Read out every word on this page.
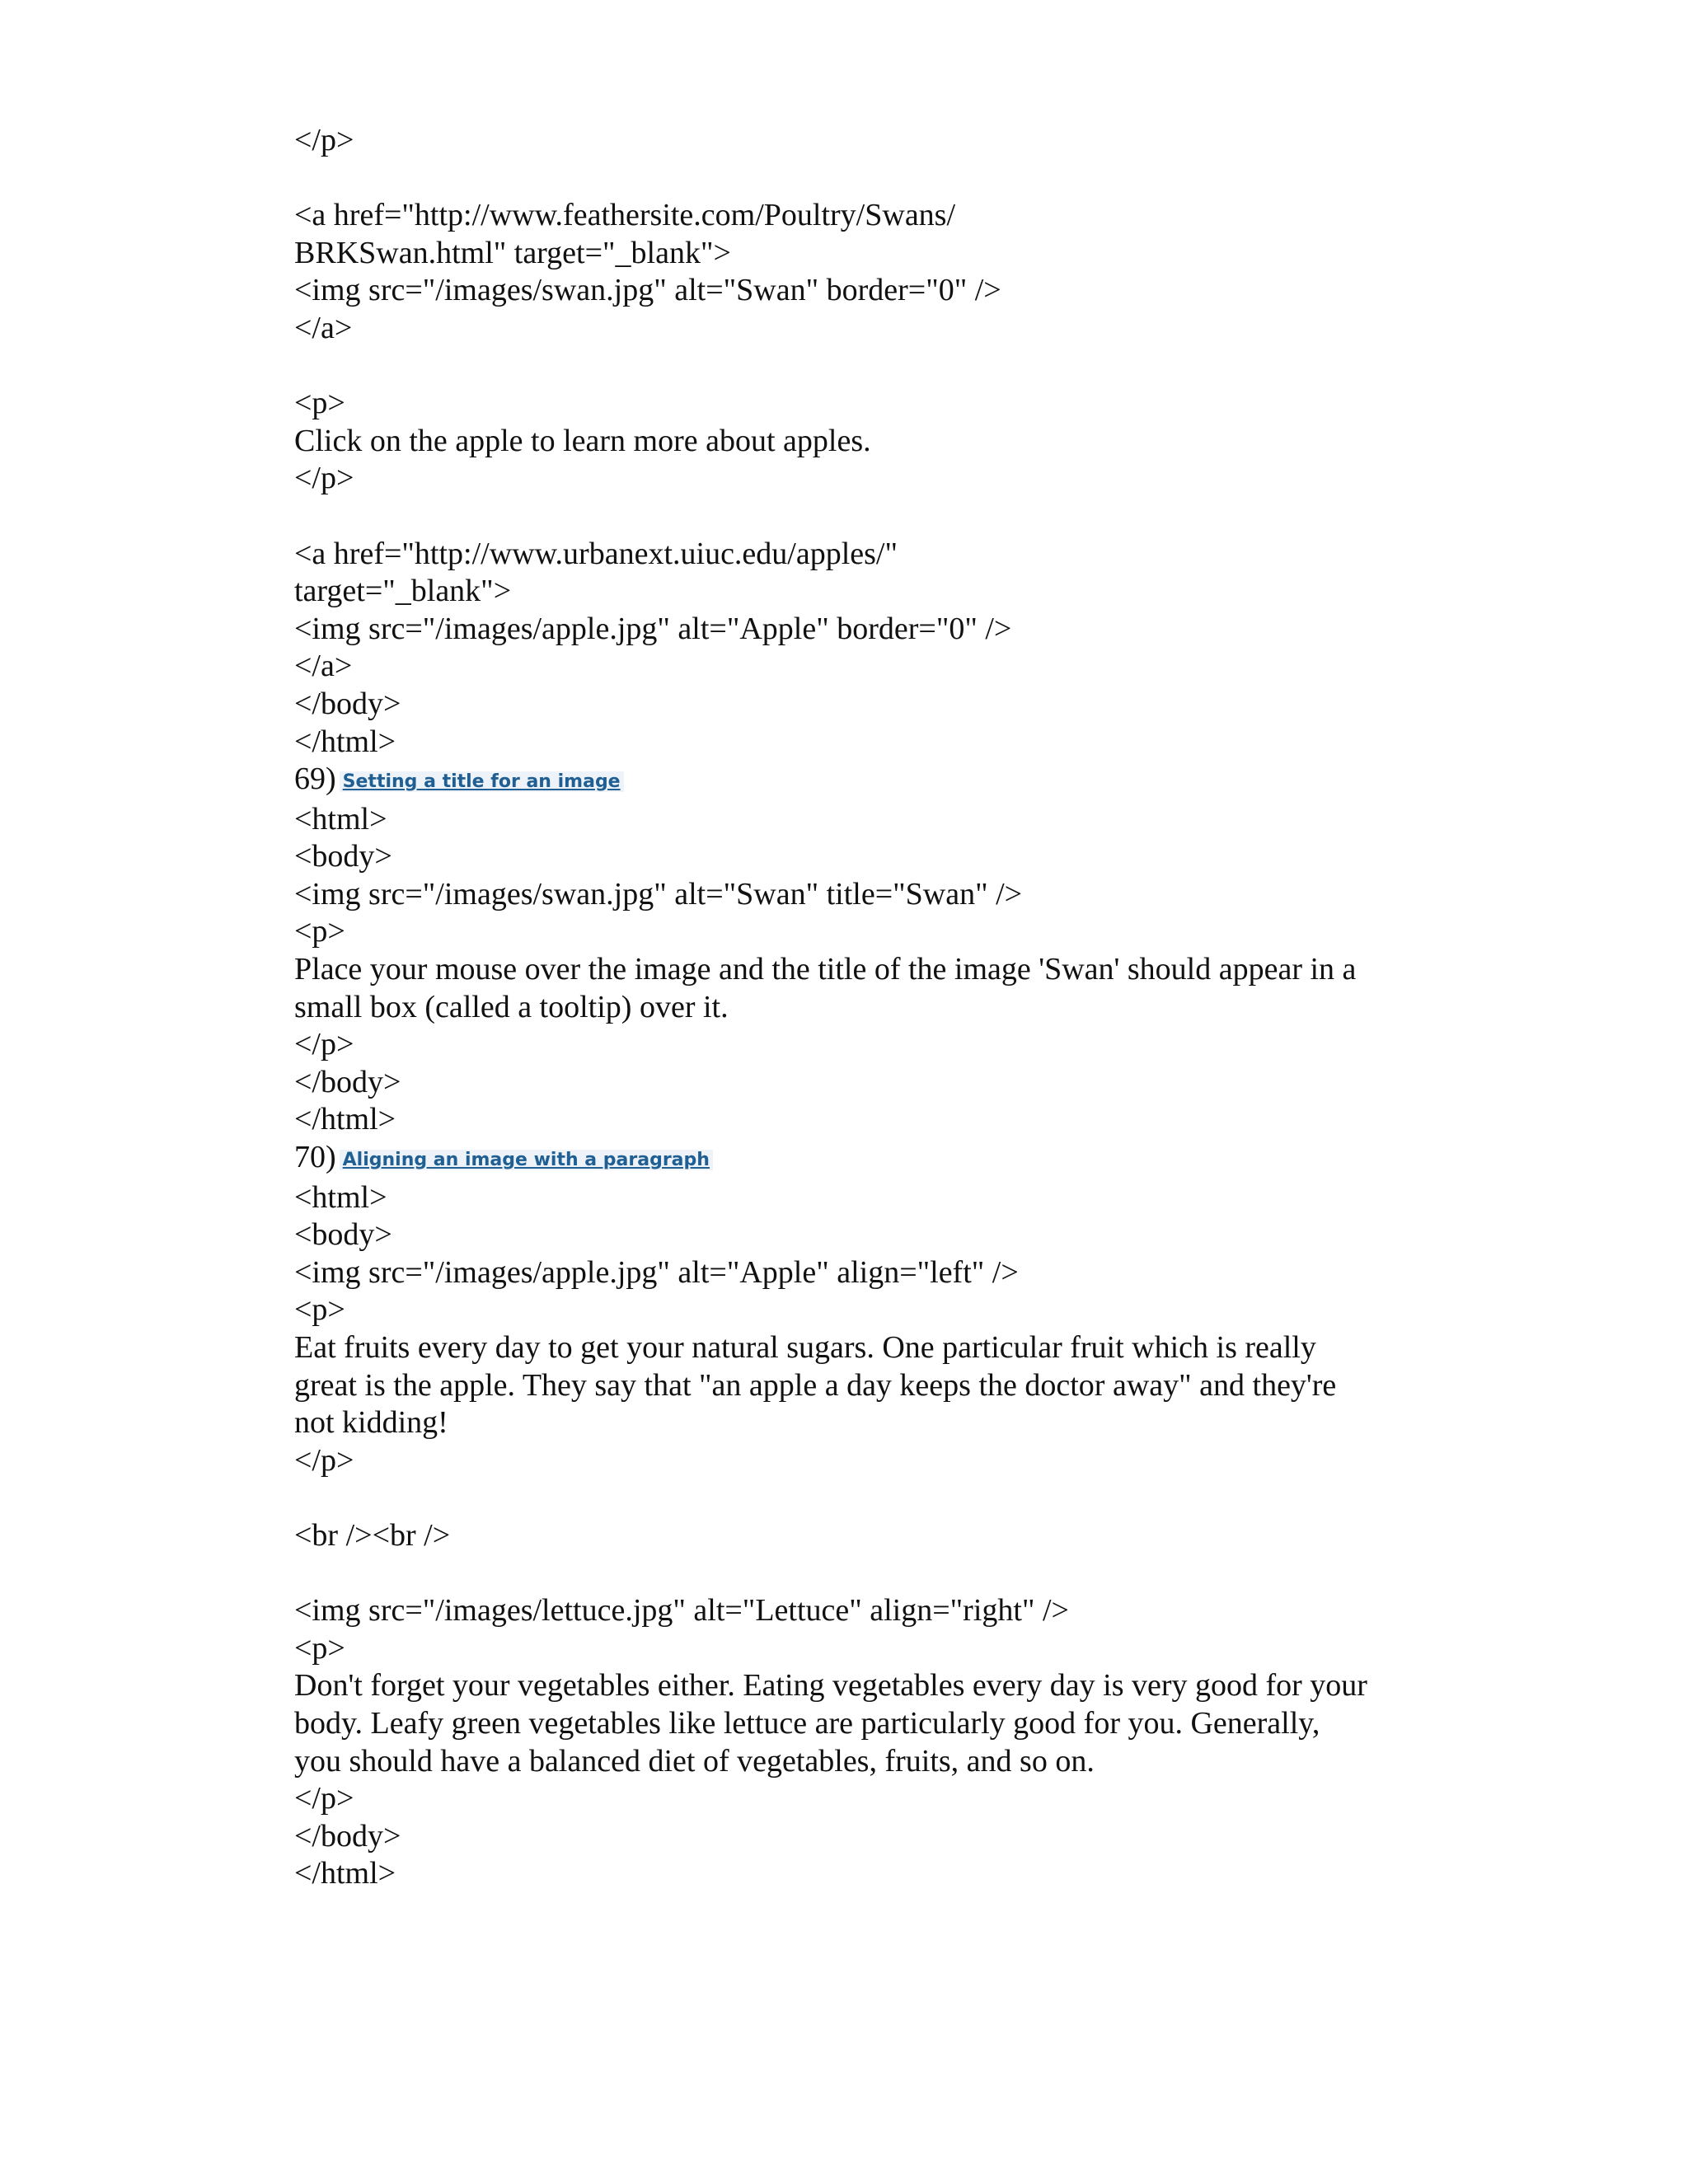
</p>
<a href="http://www.feathersite.com/Poultry/Swans/
BRKSwan.html" target="_blank">
<img src="/images/swan.jpg" alt="Swan" border="0" />
</a>
<p>
Click on the apple to learn more about apples.
</p>
<a href="http://www.urbanext.uiuc.edu/apples/"
target="_blank">
<img src="/images/apple.jpg" alt="Apple" border="0" />
</a>
</body>
</html>
69) Setting a title for an image
<html>
<body>
<img src="/images/swan.jpg" alt="Swan" title="Swan" />
<p>
Place your mouse over the image and the title of the image 'Swan' should appear in a
small box (called a tooltip) over it.
</p>
</body>
</html>
70) Aligning an image with a paragraph
<html>
<body>
<img src="/images/apple.jpg" alt="Apple" align="left" />
<p>
Eat fruits every day to get your natural sugars. One particular fruit which is really
great is the apple. They say that "an apple a day keeps the doctor away" and they're
not kidding!
</p>
<br /><br />
<img src="/images/lettuce.jpg" alt="Lettuce" align="right" />
<p>
Don't forget your vegetables either. Eating vegetables every day is very good for your
body. Leafy green vegetables like lettuce are particularly good for you. Generally,
you should have a balanced diet of vegetables, fruits, and so on.
</p>
</body>
</html>
